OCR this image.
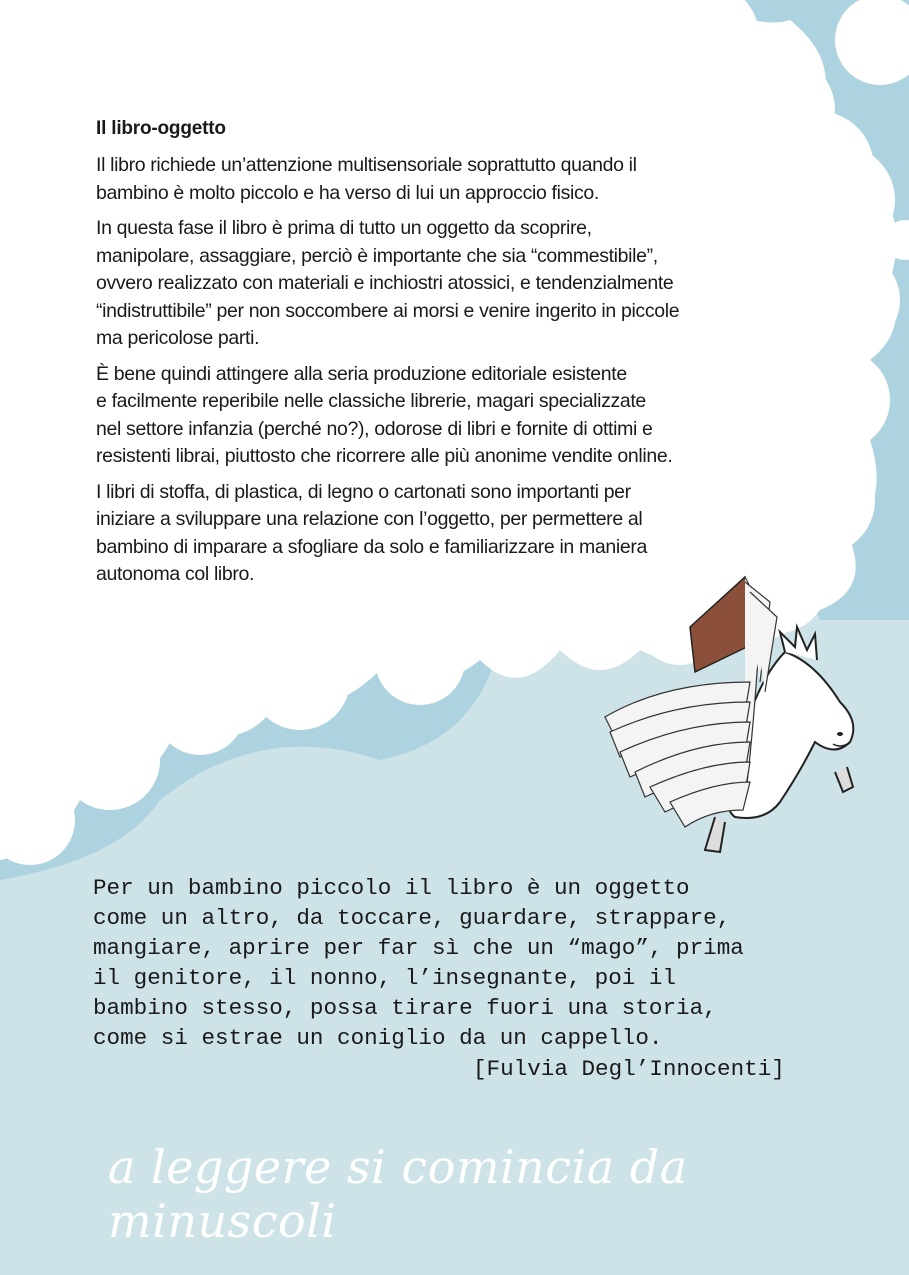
Il libro-oggetto

Il libro richiede un’attenzione multisensoriale soprattutto quando il
bambino è molto piccolo e ha verso di lui un approccio fisico.

In questa fase il libro è prima di tutto un oggetto da scoprire,
manipolare, assaggiare, perciò è importante che sia “commestibile”,
ovvero realizzato con materiali e inchiostri atossici, e tendenzialmente
“indistruttibile” per non soccombere ai morsi e venire ingerito in piccole
ma pericolose parti.

È bene quindi attingere alla seria produzione editoriale esistente
e facilmente reperibile nelle classiche librerie, magari specializzate
nel settore infanzia (perché no?), odorose di libri e fornite di ottimi e
resistenti librai, piuttosto che ricorrere alle più anonime vendite online.

I libri di stoffa, di plastica, di legno o cartonati sono importanti per
iniziare a sviluppare una relazione con l’oggetto, per permettere al
bambino di imparare a sfogliare da solo e familiarizzare in maniera
autonoma col libro.

Per un bambino piccolo il libro è un oggetto
come un altro, da toccare, guardare, strappare,
mangiare, aprire per far sì che un “mago”, prima
il genitore, il nonno, l’insegnante, poi il
bambino stesso, possa tirare fuori una storia,
come si estrae un coniglio da un cappello.

[Fulvia Degl’Innocenti]

a leggere si comincia da minuscoli
